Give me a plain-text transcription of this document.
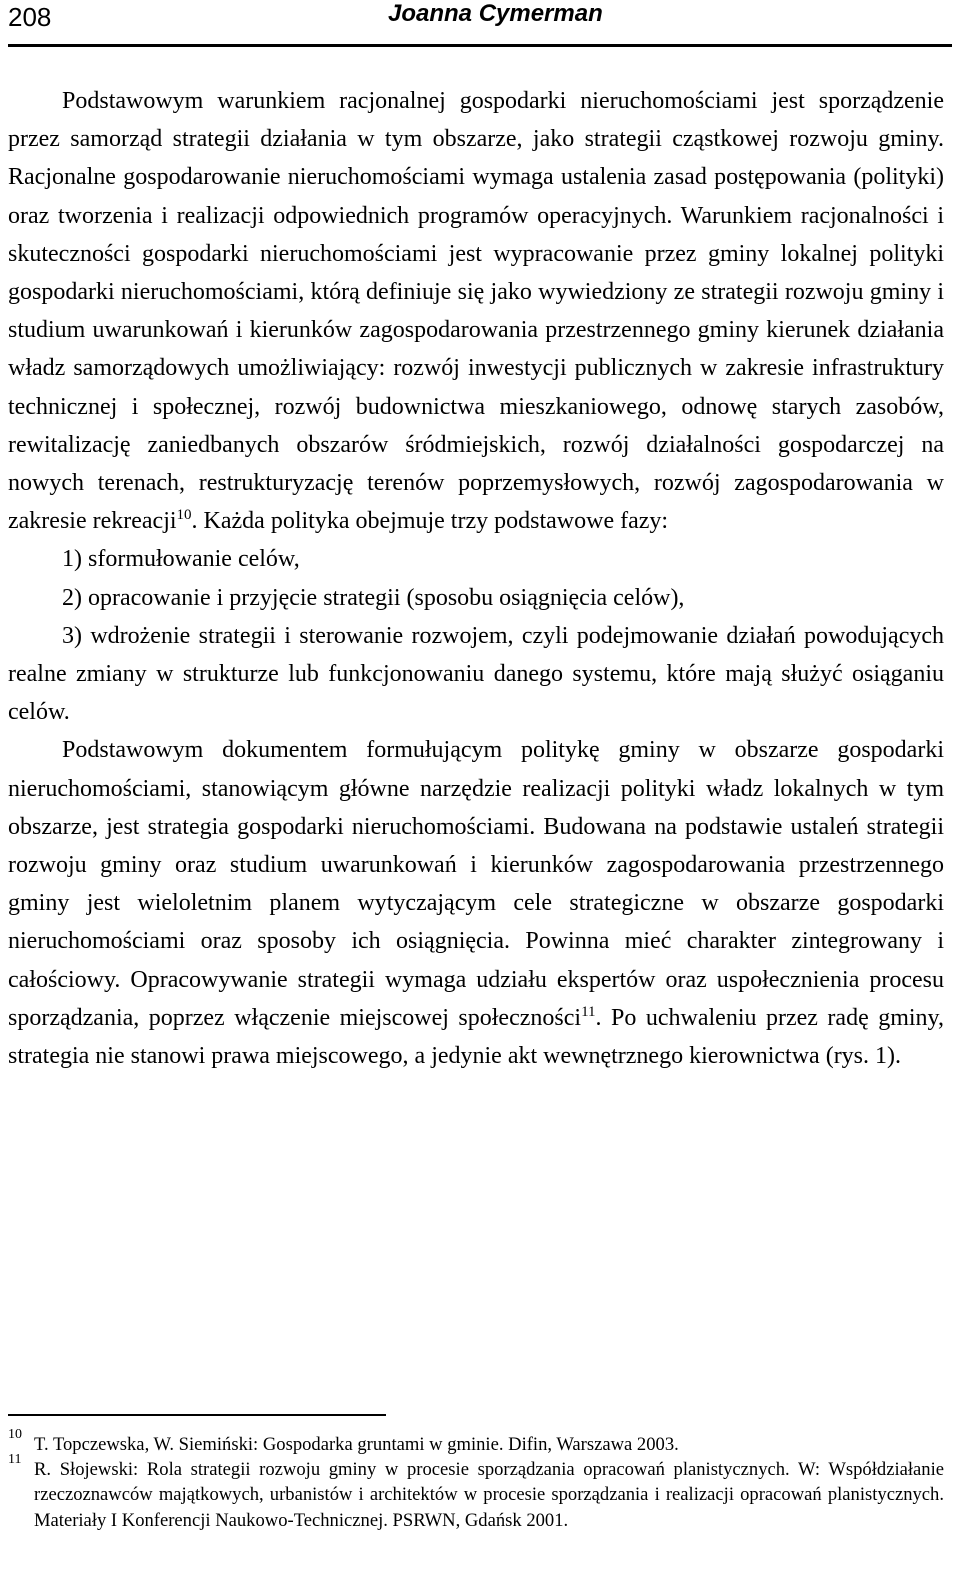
208	Joanna Cymerman

Podstawowym warunkiem racjonalnej gospodarki nieruchomościami jest sporządzenie przez samorząd strategii działania w tym obszarze, jako strategii cząstkowej rozwoju gminy. Racjonalne gospodarowanie nieruchomościami wymaga ustalenia zasad postępowania (polityki) oraz tworzenia i realizacji odpowiednich programów operacyjnych. Warunkiem racjonalności i skuteczności gospodarki nieruchomościami jest wypracowanie przez gminy lokalnej polityki gospodarki nieruchomościami, którą definiuje się jako wywiedziony ze strategii rozwoju gminy i studium uwarunkowań i kierunków zagospodarowania przestrzennego gminy kierunek działania władz samorządowych umożliwiający: rozwój inwestycji publicznych w zakresie infrastruktury technicznej i społecznej, rozwój budownictwa mieszkaniowego, odnowę starych zasobów, rewitalizację zaniedbanych obszarów śródmiejskich, rozwój działalności gospodarczej na nowych terenach, restrukturyzację terenów poprzemysłowych, rozwój zagospodarowania w zakresie rekreacji$^{10}$. Każda polityka obejmuje trzy podstawowe fazy:

1) sformułowanie celów,

2) opracowanie i przyjęcie strategii (sposobu osiągnięcia celów),

3) wdrożenie strategii i sterowanie rozwojem, czyli podejmowanie działań powodujących realne zmiany w strukturze lub funkcjonowaniu danego systemu, które mają służyć osiąganiu celów.

Podstawowym dokumentem formułującym politykę gminy w obszarze gospodarki nieruchomościami, stanowiącym główne narzędzie realizacji polityki władz lokalnych w tym obszarze, jest strategia gospodarki nieruchomościami. Budowana na podstawie ustaleń strategii rozwoju gminy oraz studium uwarunkowań i kierunków zagospodarowania przestrzennego gminy jest wieloletnim planem wytyczającym cele strategiczne w obszarze gospodarki nieruchomościami oraz sposoby ich osiągnięcia. Powinna mieć charakter zintegrowany i całościowy. Opracowywanie strategii wymaga udziału ekspertów oraz uspołecznienia procesu sporządzania, poprzez włączenie miejscowej społeczności$^{11}$. Po uchwaleniu przez radę gminy, strategia nie stanowi prawa miejscowego, a jedynie akt wewnętrznego kierownictwa (rys. 1).

10 T. Topczewska, W. Siemiński: Gospodarka gruntami w gminie. Difin, Warszawa 2003.
11 R. Słojewski: Rola strategii rozwoju gminy w procesie sporządzania opracowań planistycznych. W: Współdziałanie rzeczoznawców majątkowych, urbanistów i architektów w procesie sporządzania i realizacji opracowań planistycznych. Materiały I Konferencji Naukowo-Technicznej. PSRWN, Gdańsk 2001.
